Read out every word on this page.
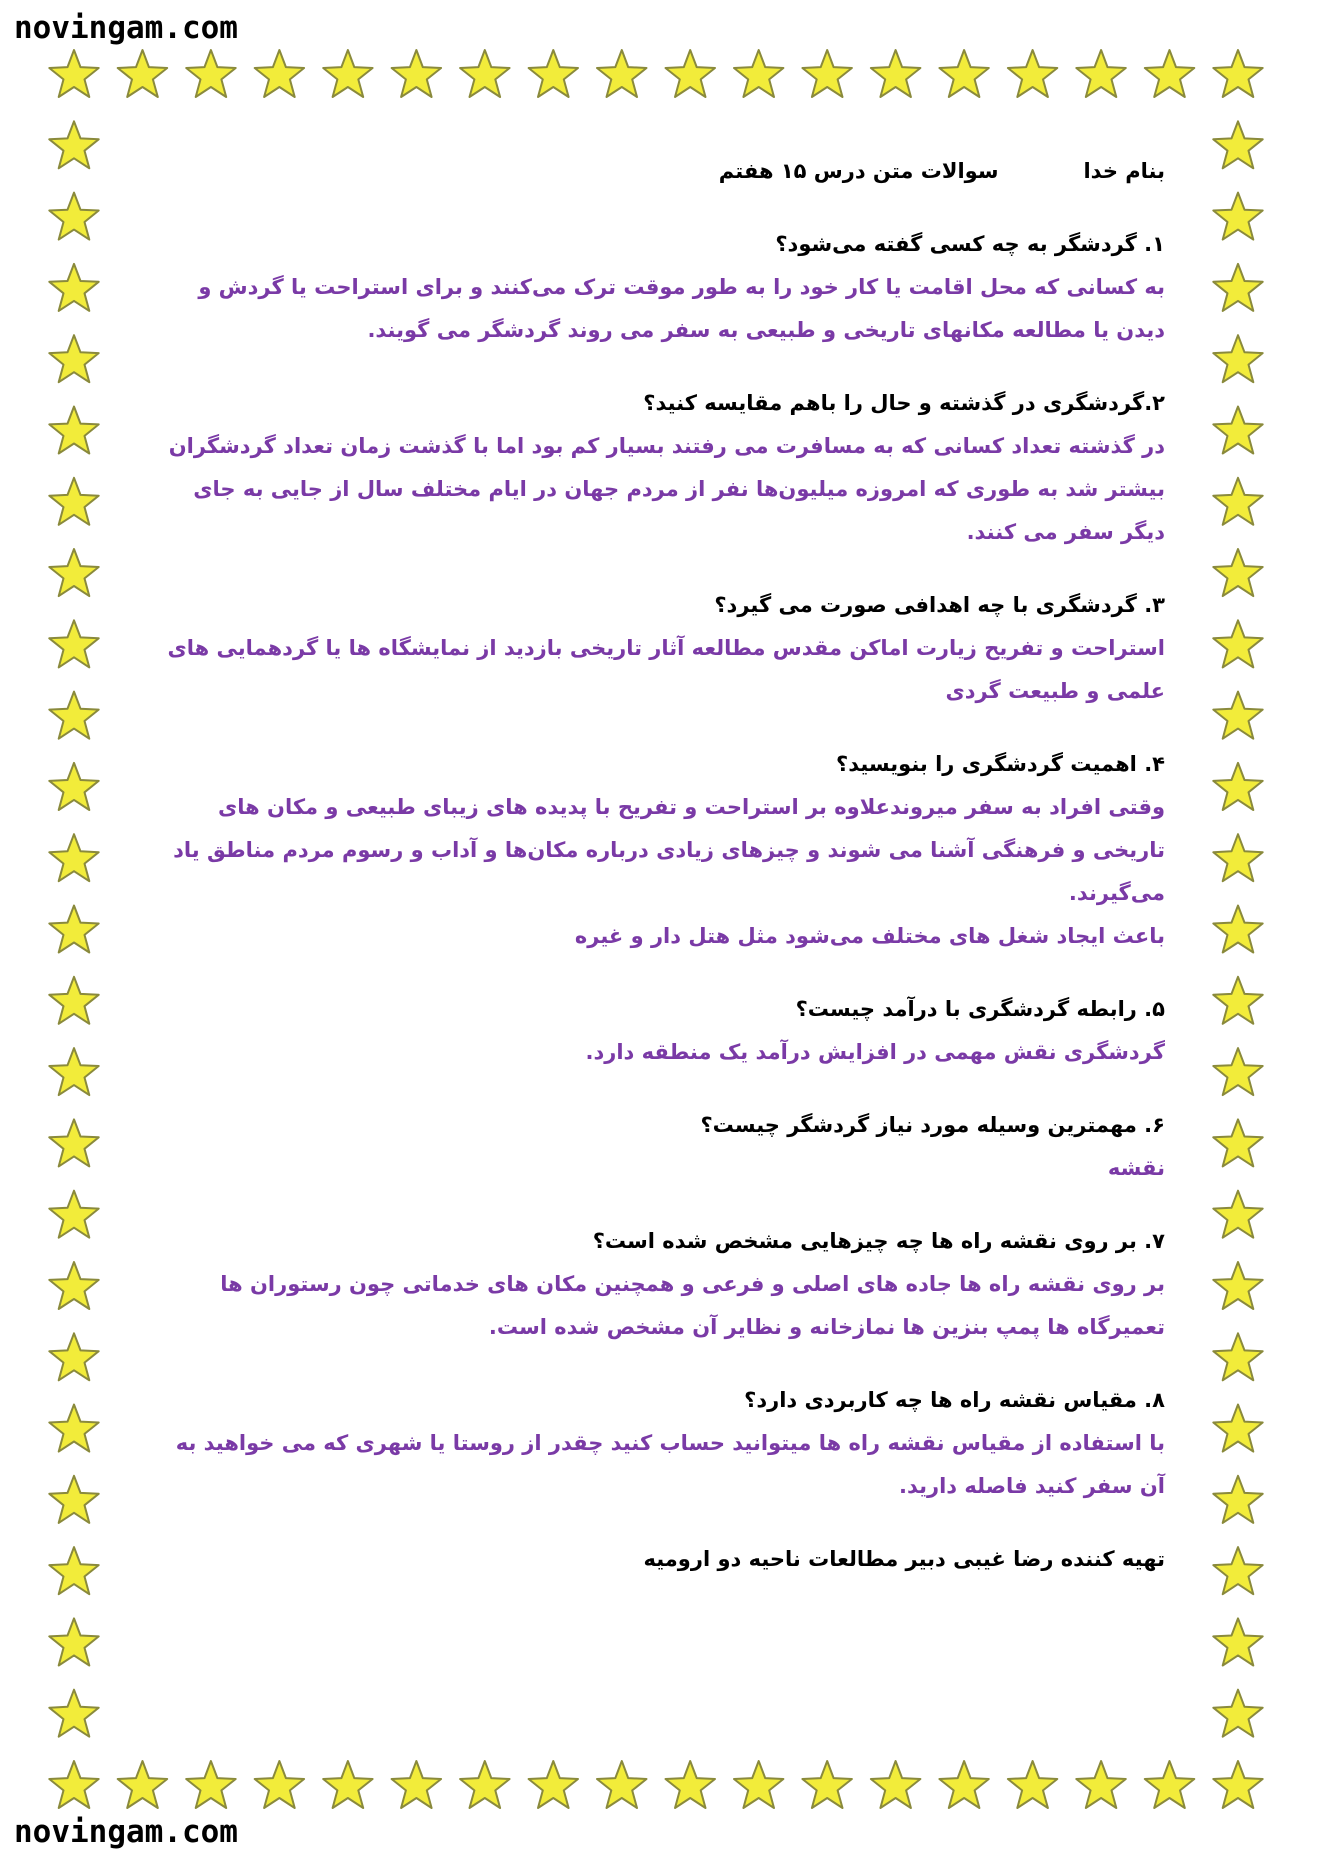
novingam.com
بنام خدا
سوالات متن درس ۱۵ هفتم
۱. گردشگر به چه کسی گفته می‌شود؟
به کسانی که محل اقامت یا کار خود را به طور موقت ترک می‌کنند و برای استراحت یا گردش و
دیدن یا مطالعه مکانهای تاریخی و طبیعی به سفر می روند گردشگر می گویند.
۲.گردشگری در گذشته و حال را باهم مقایسه کنید؟
در گذشته تعداد کسانی که به مسافرت می رفتند بسیار کم بود اما با گذشت زمان تعداد گردشگران
بیشتر شد به طوری که امروزه میلیون‌ها نفر از مردم جهان در ایام مختلف سال از جایی به جای
دیگر سفر می کنند.
۳. گردشگری با چه اهدافی صورت می گیرد؟
استراحت و تفریح زیارت اماکن مقدس مطالعه آثار تاریخی بازدید از نمایشگاه ها یا گردهمایی های
علمی و طبیعت گردی
۴. اهمیت گردشگری را بنویسید؟
وقتی افراد به سفر میروندعلاوه بر استراحت و تفریح با پدیده های زیبای طبیعی و مکان های
تاریخی و فرهنگی آشنا می شوند و چیزهای زیادی درباره مکان‌ها و آداب و رسوم مردم مناطق یاد
می‌گیرند.
باعث ایجاد شغل های مختلف می‌شود مثل هتل دار و غیره
۵. رابطه گردشگری با درآمد چیست؟
گردشگری نقش مهمی در افزایش درآمد یک منطقه دارد.
۶. مهمترین وسیله مورد نیاز گردشگر چیست؟
نقشه
۷. بر روی نقشه راه ها چه چیزهایی مشخص شده است؟
بر روی نقشه راه ها جاده های اصلی و فرعی و همچنین مکان های خدماتی چون رستوران ها
تعمیرگاه ها پمپ بنزین ها نمازخانه و نظایر آن مشخص شده است.
۸. مقیاس نقشه راه ها چه کاربردی دارد؟
با استفاده از مقیاس نقشه راه ها میتوانید حساب کنید چقدر از روستا یا شهری که می خواهید به
آن سفر کنید فاصله دارید.
تهیه کننده رضا غیبی دبیر مطالعات ناحیه دو ارومیه
novingam.com
